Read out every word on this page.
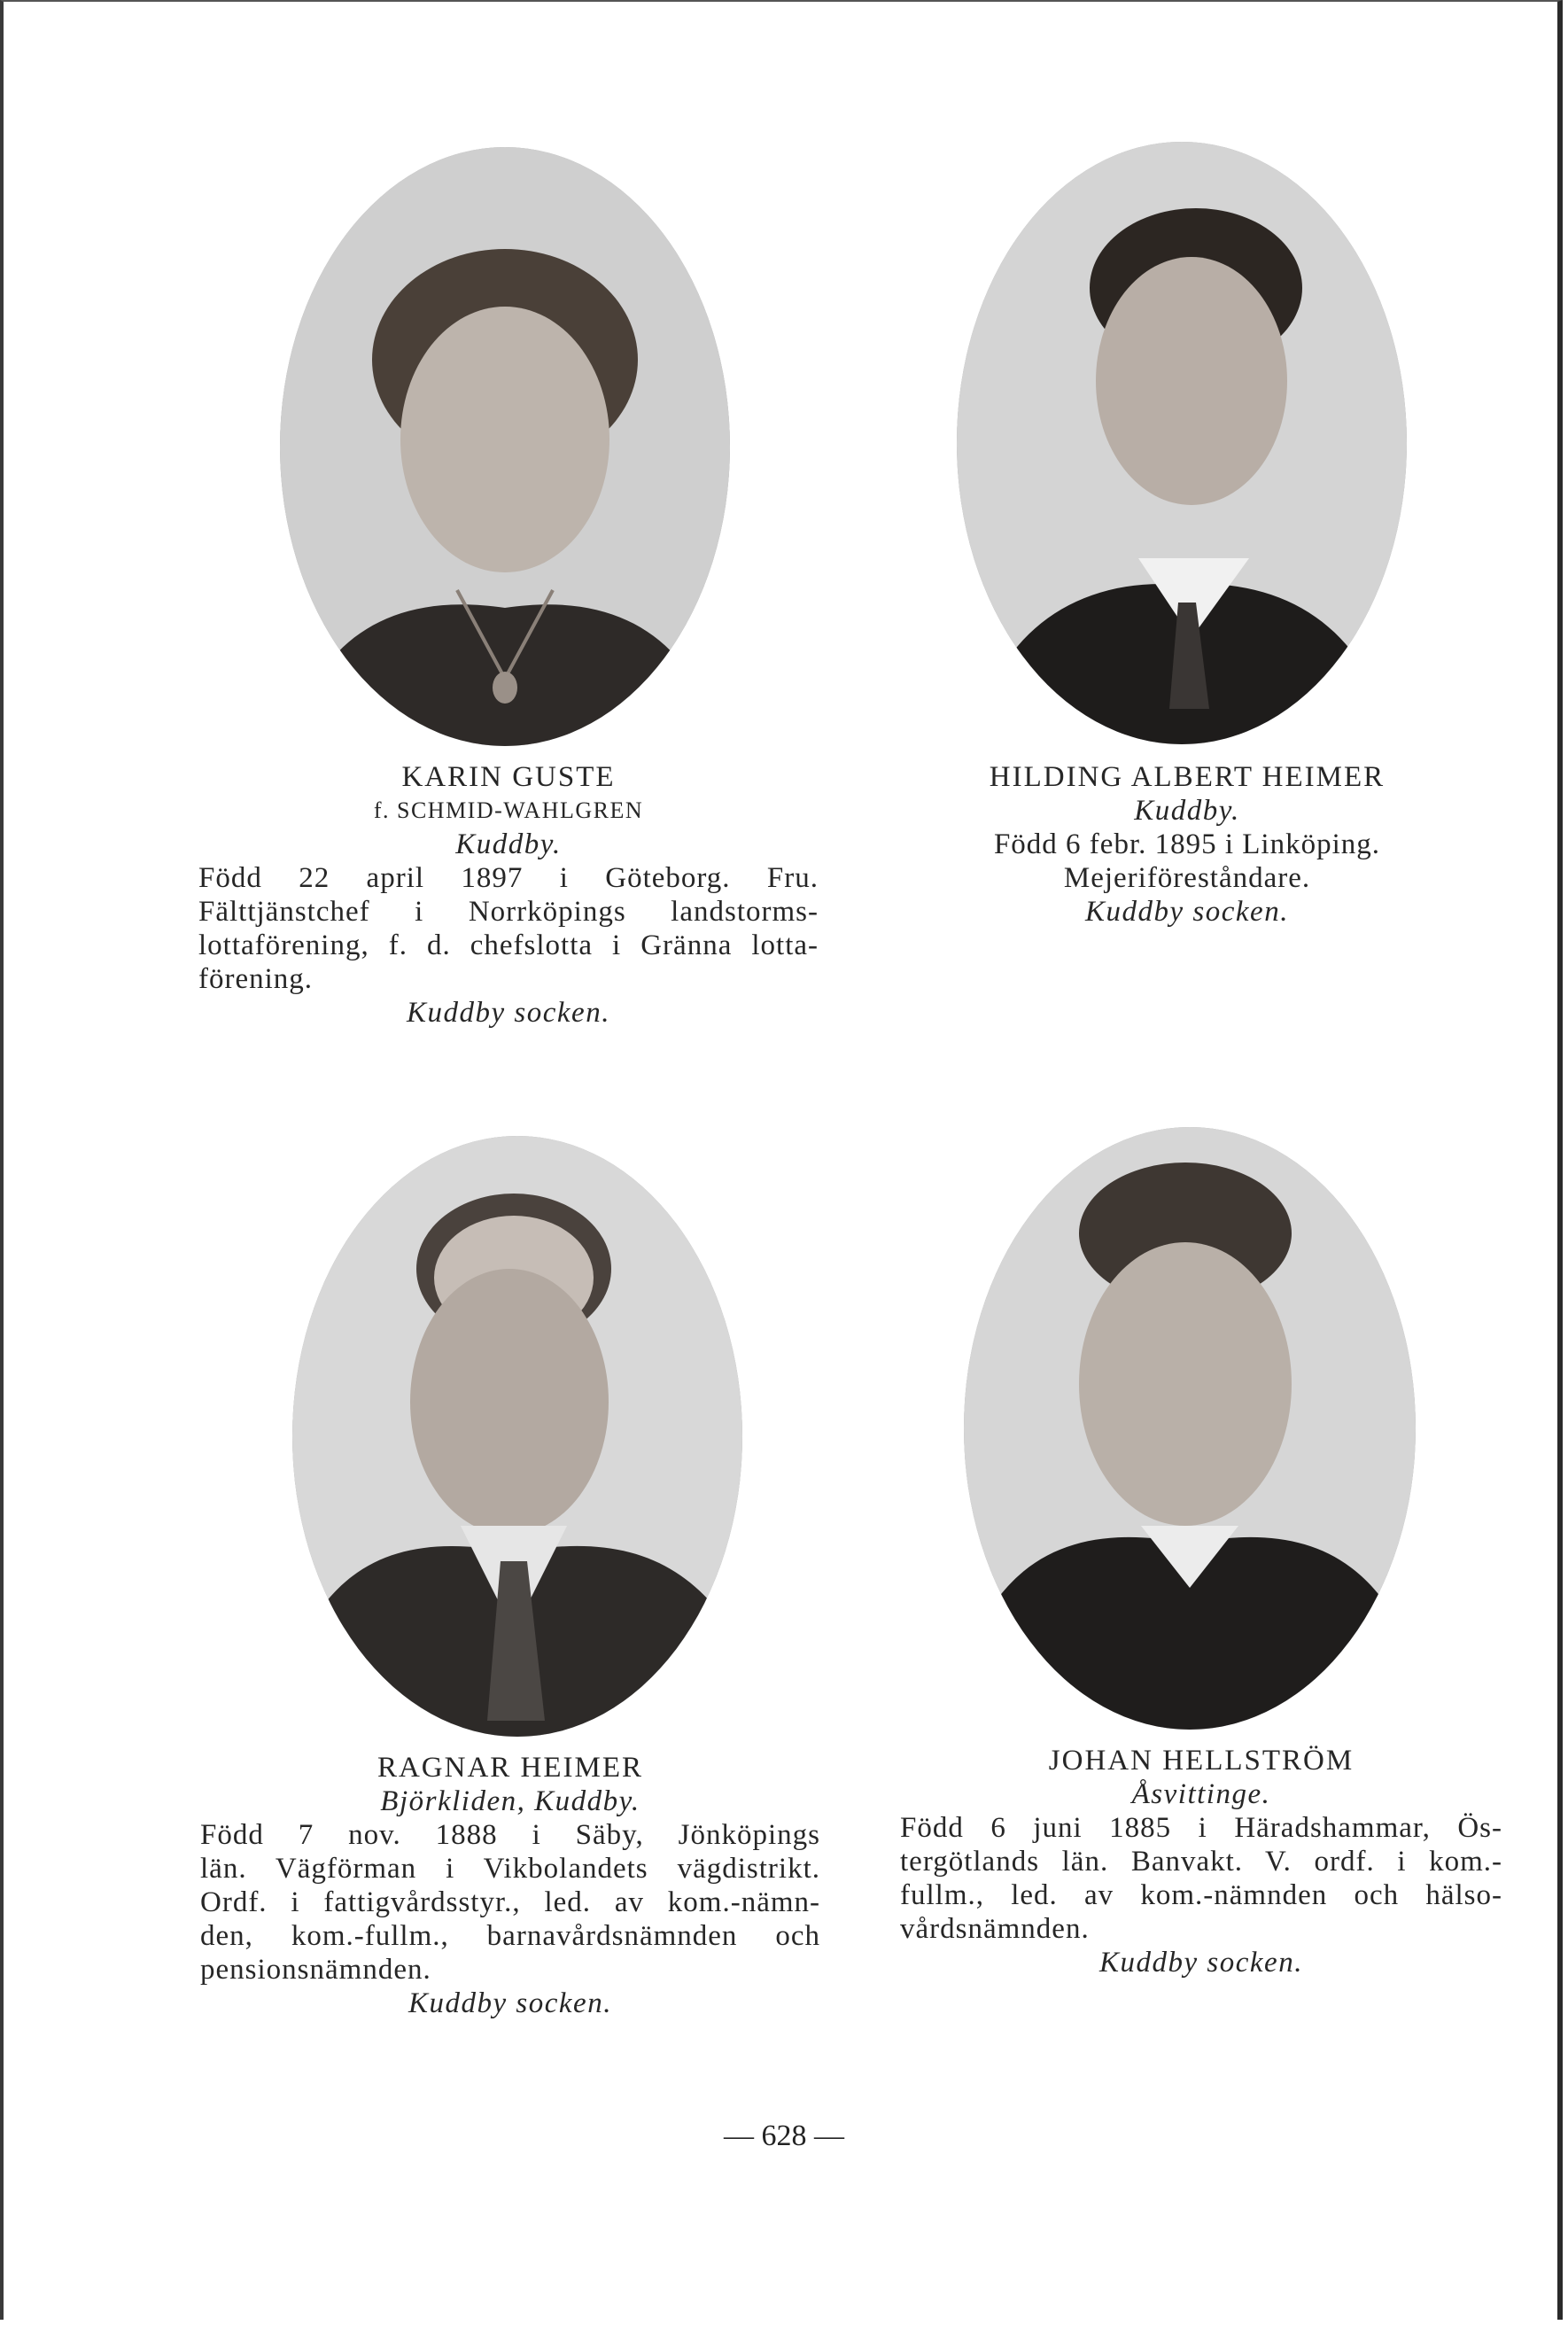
KARIN GUSTE
f. SCHMID-WAHLGREN
Kuddby.
Född 22 april 1897 i Göteborg. Fru.
Fälttjänstchef i Norrköpings landstorms-
lottaförening, f. d. chefslotta i Gränna lotta-
förening.
Kuddby socken.
HILDING ALBERT HEIMER
Kuddby.
Född 6 febr. 1895 i Linköping.
Mejeriföreståndare.
Kuddby socken.
RAGNAR HEIMER
Björkliden, Kuddby.
Född 7 nov. 1888 i Säby, Jönköpings
län. Vägförman i Vikbolandets vägdistrikt.
Ordf. i fattigvårdsstyr., led. av kom.-nämn-
den, kom.-fullm., barnavårdsnämnden och
pensionsnämnden.
Kuddby socken.
JOHAN HELLSTRÖM
Åsvittinge.
Född 6 juni 1885 i Häradshammar, Ös-
tergötlands län. Banvakt. V. ordf. i kom.-
fullm., led. av kom.-nämnden och hälso-
vårdsnämnden.
Kuddby socken.
— 628 —
